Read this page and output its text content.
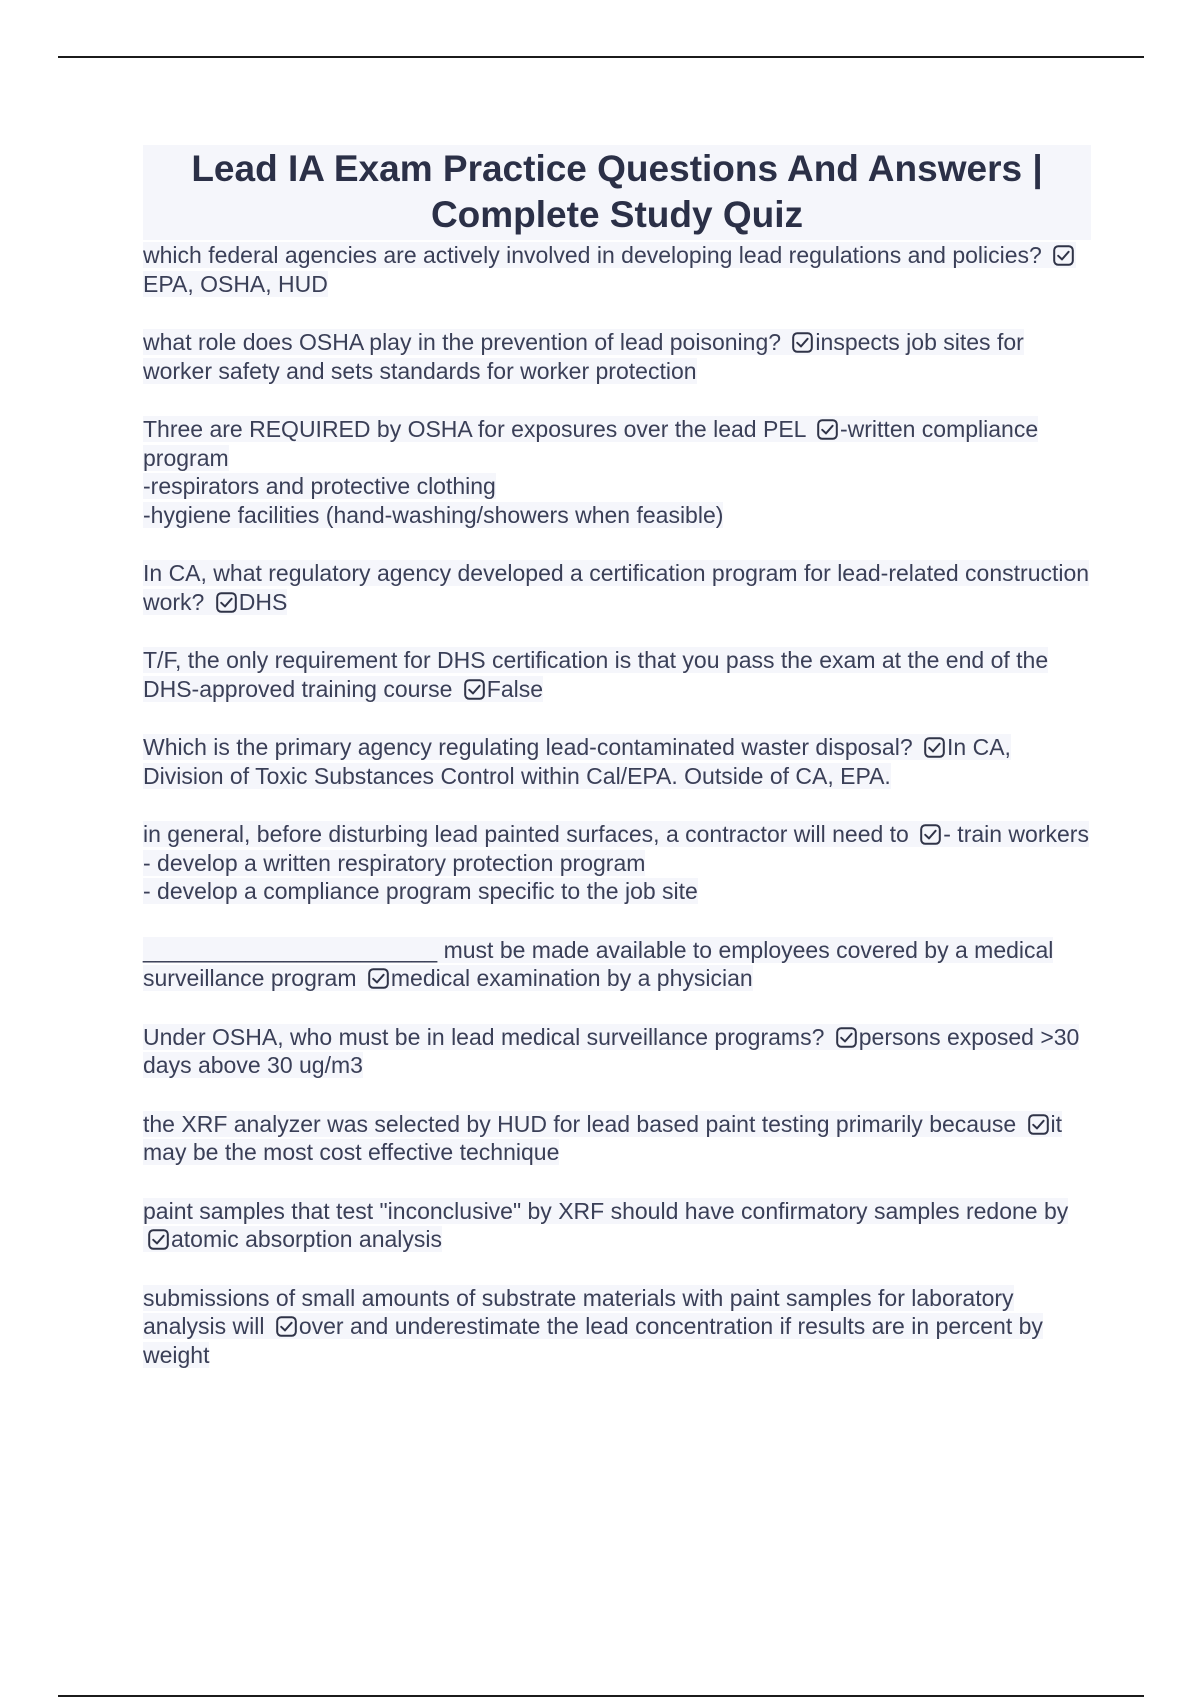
Lead IA Exam Practice Questions And Answers |
Complete Study Quiz

which federal agencies are actively involved in developing lead regulations and policies?
EPA, OSHA, HUD

what role does OSHA play in the prevention of lead poisoning? inspects job sites for worker safety and sets standards for worker protection

Three are REQUIRED by OSHA for exposures over the lead PEL -written compliance program
-respirators and protective clothing
-hygiene facilities (hand-washing/showers when feasible)

In CA, what regulatory agency developed a certification program for lead-related construction work? DHS

T/F, the only requirement for DHS certification is that you pass the exam at the end of the DHS-approved training course False

Which is the primary agency regulating lead-contaminated waster disposal? In CA, Division of Toxic Substances Control within Cal/EPA. Outside of CA, EPA.

in general, before disturbing lead painted surfaces, a contractor will need to - train workers
- develop a written respiratory protection program
- develop a compliance program specific to the job site

_______________________ must be made available to employees covered by a medical surveillance program medical examination by a physician

Under OSHA, who must be in lead medical surveillance programs? persons exposed >30 days above 30 ug/m3

the XRF analyzer was selected by HUD for lead based paint testing primarily because it may be the most cost effective technique

paint samples that test "inconclusive" by XRF should have confirmatory samples redone by
atomic absorption analysis

submissions of small amounts of substrate materials with paint samples for laboratory analysis will over and underestimate the lead concentration if results are in percent by weight
